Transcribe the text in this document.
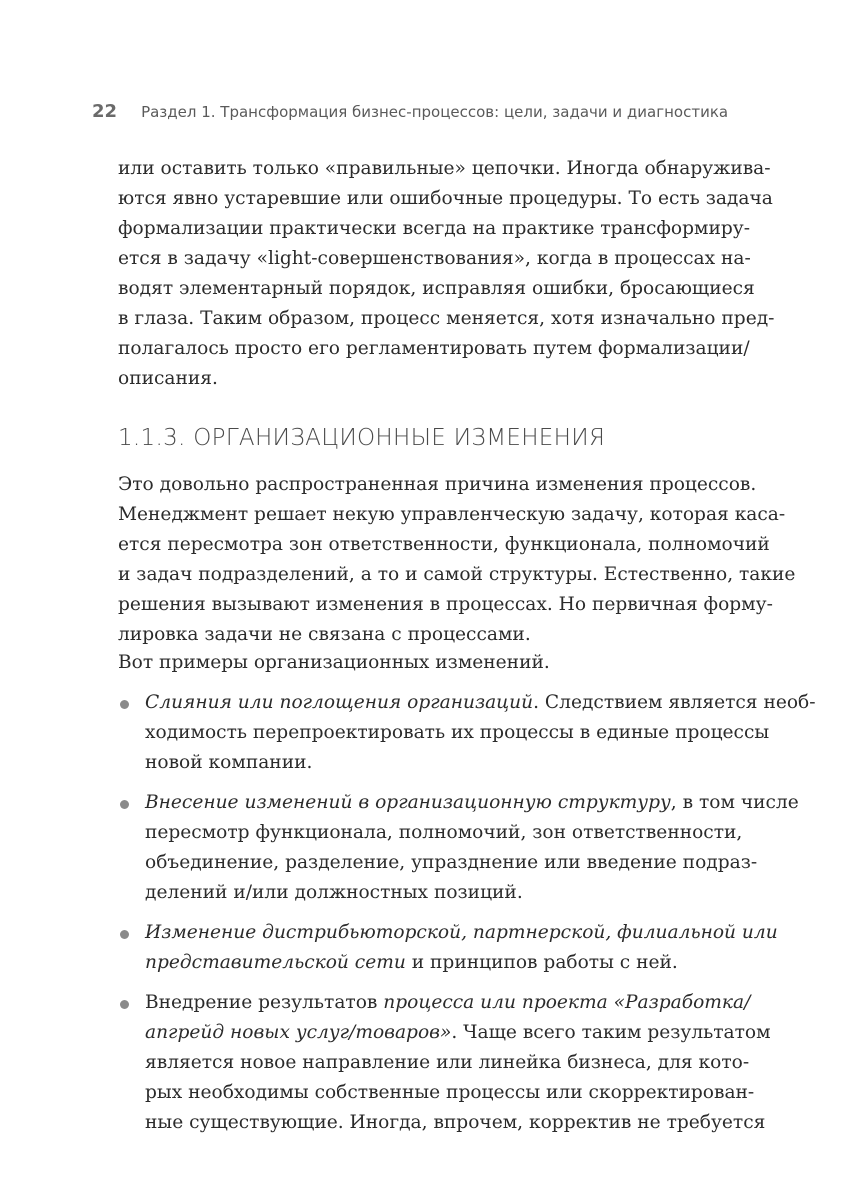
22 Раздел 1. Трансформация бизнес-процессов: цели, задачи и диагностика
или оставить только «правильные» цепочки. Иногда обнаружива-
ются явно устаревшие или ошибочные процедуры. То есть задача
формализации практически всегда на практике трансформиру-
ется в задачу «light-совершенствования», когда в процессах на-
водят элементарный порядок, исправляя ошибки, бросающиеся
в глаза. Таким образом, процесс меняется, хотя изначально пред-
полагалось просто его регламентировать путем формализации/
описания.
1.1.3. ОРГАНИЗАЦИОННЫЕ ИЗМЕНЕНИЯ
Это довольно распространенная причина изменения процессов.
Менеджмент решает некую управленческую задачу, которая каса-
ется пересмотра зон ответственности, функционала, полномочий
и задач подразделений, а то и самой структуры. Естественно, такие
решения вызывают изменения в процессах. Но первичная форму-
лировка задачи не связана с процессами.
Вот примеры организационных изменений.
Слияния или поглощения организаций. Следствием является необ-
ходимость перепроектировать их процессы в единые процессы
новой компании.
Внесение изменений в организационную структуру, в том числе
пересмотр функционала, полномочий, зон ответственности,
объединение, разделение, упразднение или введение подраз-
делений и/или должностных позиций.
Изменение дистрибьюторской, партнерской, филиальной или
представительской сети и принципов работы с ней.
Внедрение результатов процесса или проекта «Разработка/
апгрейд новых услуг/товаров». Чаще всего таким результатом
является новое направление или линейка бизнеса, для кото-
рых необходимы собственные процессы или скорректирован-
ные существующие. Иногда, впрочем, корректив не требуется
